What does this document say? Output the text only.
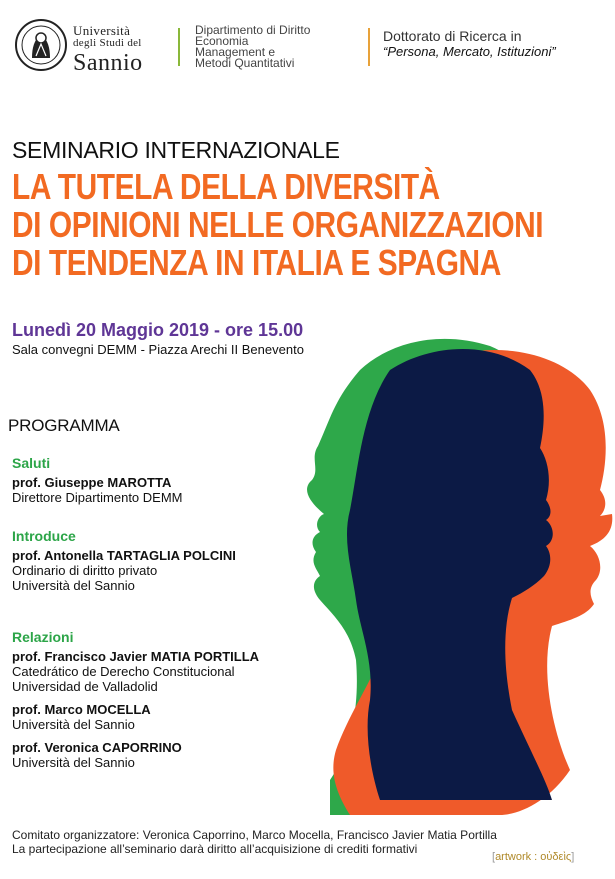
Università
degli Studi del
Sannio
Dipartimento di Diritto
Economia
Management e
Metodi Quantitativi
Dottorato di Ricerca in
“Persona, Mercato, Istituzioni”
SEMINARIO INTERNAZIONALE
LA TUTELA DELLA DIVERSITÀ
DI OPINIONI NELLE ORGANIZZAZIONI
DI TENDENZA IN ITALIA E SPAGNA
Lunedì 20 Maggio 2019 - ore 15.00
Sala convegni DEMM - Piazza Arechi II Benevento
PROGRAMMA
Saluti
prof. Giuseppe MAROTTA
Direttore Dipartimento DEMM
Introduce
prof. Antonella TARTAGLIA POLCINI
Ordinario di diritto privato
Università del Sannio
Relazioni
prof. Francisco Javier MATIA PORTILLA
Catedrático de Derecho Constitucional
Universidad de Valladolid
prof. Marco MOCELLA
Università del Sannio
prof. Veronica CAPORRINO
Università del Sannio
Comitato organizzatore: Veronica Caporrino, Marco Mocella, Francisco Javier Matia Portilla
La partecipazione all’seminario darà diritto all’acquisizione di crediti formativi
[artwork : οὐδεὶς]
